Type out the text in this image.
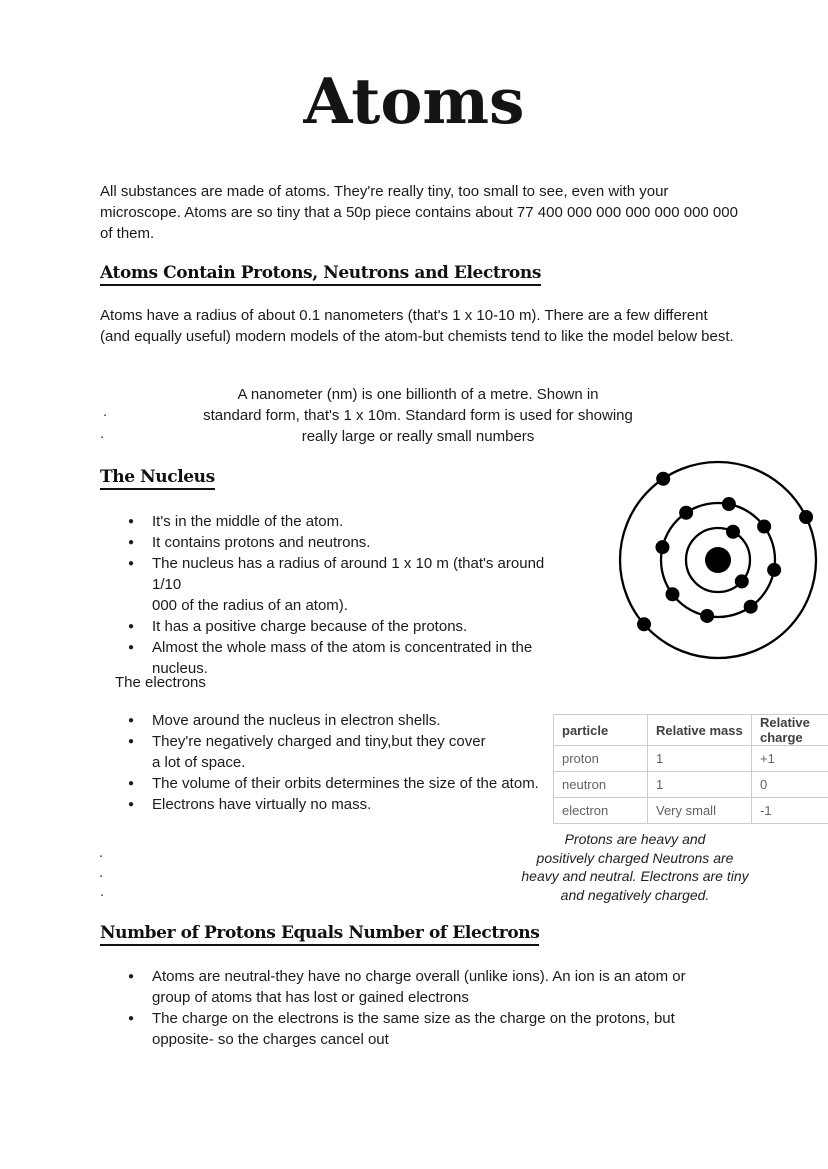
Atoms
All substances are made of atoms. They're really tiny, too small to see, even with your microscope. Atoms are so tiny that a 50p piece contains about 77 400 000 000 000 000 000 000 of them.
Atoms Contain Protons, Neutrons and Electrons
Atoms have a radius of about 0.1 nanometers (that's 1 x 10-10 m). There are a few different (and equally useful) modern models of the atom-but chemists tend to like the model below best.
A nanometer (nm) is one billionth of a metre. Shown in
standard form, that's 1 x 10m. Standard form is used for showing
really large or really small numbers
.
.
The Nucleus
● It's in the middle of the atom.
● It contains protons and neutrons.
● The nucleus has a radius of around 1 x 10 m (that's around 1/10
000 of the radius of an atom).
● It has a positive charge because of the protons.
● Almost the whole mass of the atom is concentrated in the
nucleus.
The electrons
● Move around the nucleus in electron shells.
● They're negatively charged and tiny,but they cover
a lot of space.
● The volume of their orbits determines the size of the atom.
● Electrons have virtually no mass.
particle	Relative mass	Relative charge
proton	1	+1
neutron	1	0
electron	Very small	-1
Protons are heavy and
positively charged Neutrons are
heavy and neutral. Electrons are tiny
and negatively charged.
.
.
.
Number of Protons Equals Number of Electrons
● Atoms are neutral-they have no charge overall (unlike ions). An ion is an atom or
group of atoms that has lost or gained electrons
● The charge on the electrons is the same size as the charge on the protons, but
opposite- so the charges cancel out
